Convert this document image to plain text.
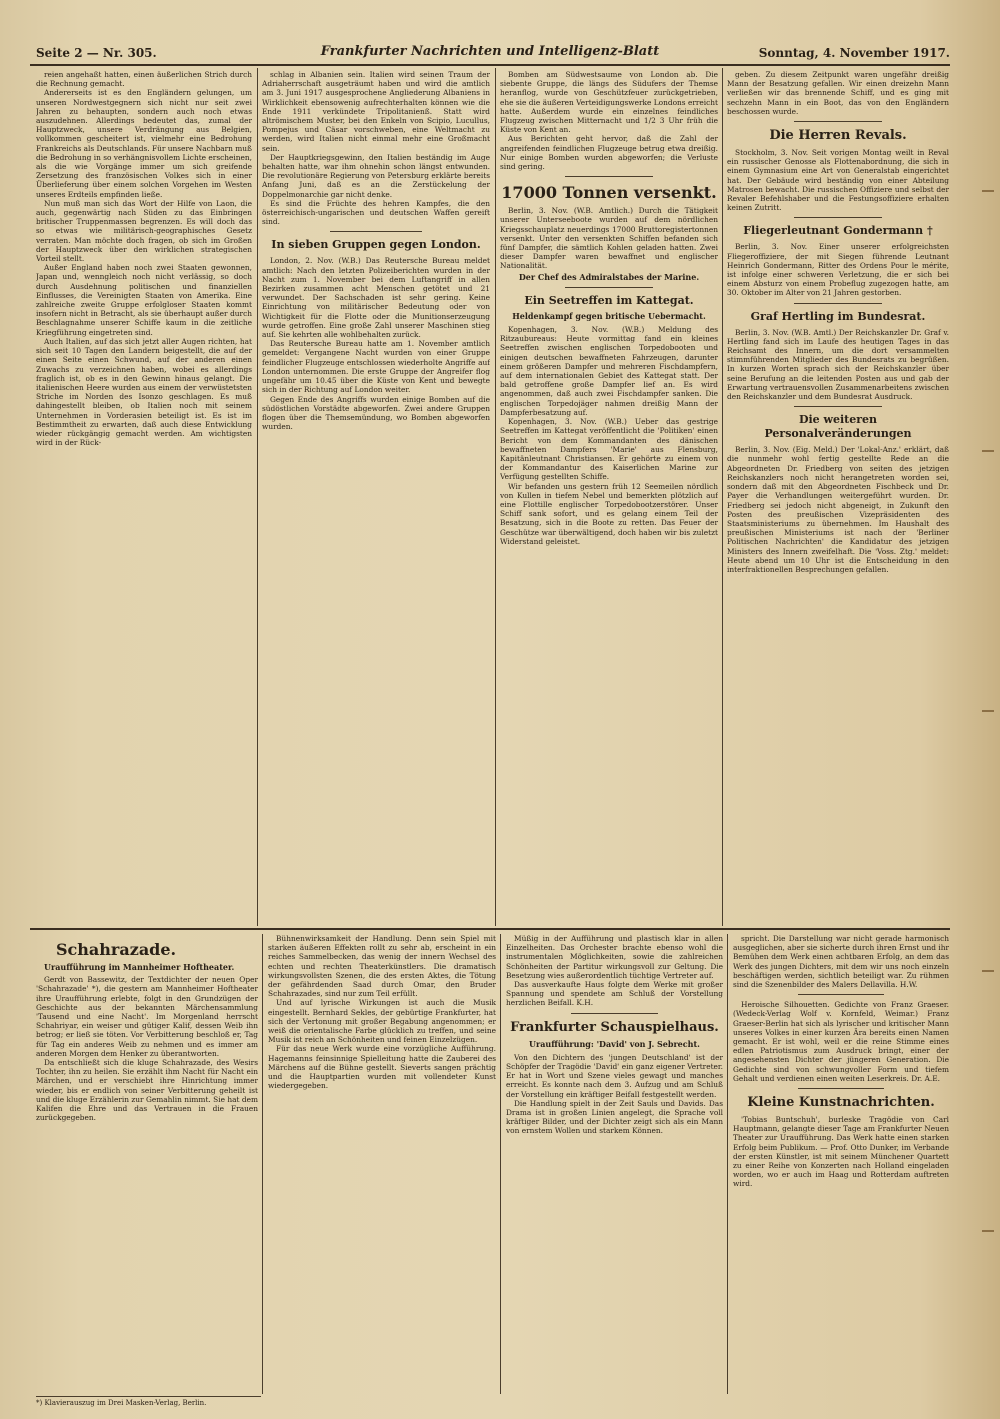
Seite 2 — Nr. 305.	Frankfurter Nachrichten und Intelligenz-Blatt	Sonntag, 4. November 1917.

reien angehaßt hatten, einen äußerlichen Strich durch die Rechnung gemacht.

Andererseits ist es den Engländern gelungen, um unseren Nordwestgegnern sich nicht nur seit zwei Jahren zu behaupten, sondern auch noch etwas auszudehnen. Allerdings bedeutet das, zumal der Hauptzweck, unsere Verdrängung aus Belgien, vollkommen gescheitert ist, vielmehr eine Bedrohung Frankreichs als Deutschlands. Für unsere Nachbarn muß die Bedrohung in so verhängnisvollem Lichte erscheinen, als die wie Vorgänge immer um sich greifende Zersetzung des französischen Volkes sich in einer Überlieferung über einem solchen Vorgehen im Westen unseres Erdteils empfinden ließe.

Nun muß man sich das Wort der Hilfe von Laon, die auch, gegenwärtig nach Süden zu das Einbringen britischer Truppenmassen begrenzen. Es will doch das so etwas wie militärisch-geographisches Gesetz verraten. Man möchte doch fragen, ob sich im Großen der Hauptzweck über den wirklichen strategischen Vorteil stellt.

Außer England haben noch zwei Staaten gewonnen, Japan und, wenngleich noch nicht verlässig, so doch durch Ausdehnung politischen und finanziellen Einflusses, die Vereinigten Staaten von Amerika. Eine zahlreiche zweite Gruppe erfolgloser Staaten kommt insofern nicht in Betracht, als sie überhaupt außer durch Beschlagnahme unserer Schiffe kaum in die zeitliche Kriegführung eingetreten sind.

Auch Italien, auf das sich jetzt aller Augen richten, hat sich seit 10 Tagen den Landern beigestellt, die auf der einen Seite einen Schwund, auf der anderen einen Zuwachs zu verzeichnen haben, wobei es allerdings fraglich ist, ob es in den Gewinn hinaus gelangt. Die italienischen Heere wurden aus einem der verwüstetsten Striche im Norden des Isonzo geschlagen. Es muß dahingestellt bleiben, ob Italien noch mit seinem Unternehmen in Vorderasien beteiligt ist. Es ist im Bestimmtheit zu erwarten, daß auch diese Entwicklung wieder rückgängig gemacht werden. Am wichtigsten wird in der Rück-

schlag in Albanien sein. Italien wird seinen Traum der Adriaherrschaft ausgeträumt haben und wird die amtlich am 3. Juni 1917 ausgesprochene Angliederung Albaniens in Wirklichkeit ebensowenig aufrechterhalten können wie die Ende 1911 verkündete Tripolitanienß. Statt wird altrömischem Muster, bei den Enkeln von Scipio, Lucullus, Pompejus und Cäsar vorschweben, eine Weltmacht zu werden, wird Italien nicht einmal mehr eine Großmacht sein.

Der Hauptkriegsgewinn, den Italien beständig im Auge behalten hatte, war ihm ohnehin schon längst entwunden. Die revolutionäre Regierung von Petersburg erklärte bereits Anfang Juni, daß es an die Zerstückelung der Doppelmonarchie gar nicht denke.

Es sind die Früchte des hehren Kampfes, die den österreichisch-ungarischen und deutschen Waffen gereift sind.

In sieben Gruppen gegen London.

London, 2. Nov. (W.B.) Das Reutersche Bureau meldet amtlich: Nach den letzten Polizeiberichten wurden in der Nacht zum 1. November bei dem Luftangriff in allen Bezirken zusammen acht Menschen getötet und 21 verwundet. Der Sachschaden ist sehr gering. Keine Einrichtung von militärischer Bedeutung oder von Wichtigkeit für die Flotte oder die Munitionserzeugung wurde getroffen. Eine große Zahl unserer Maschinen stieg auf. Sie kehrten alle wohlbehalten zurück.

Das Reutersche Bureau hatte am 1. November amtlich gemeldet: Vergangene Nacht wurden von einer Gruppe feindlicher Flugzeuge entschlossen wiederholte Angriffe auf London unternommen. Die erste Gruppe der Angreifer flog ungefähr um 10.45 über die Küste von Kent und bewegte sich in der Richtung auf London weiter.

Gegen Ende des Angriffs wurden einige Bomben auf die südöstlichen Vorstädte abgeworfen. Zwei andere Gruppen flogen über die Themsemündung, wo Bomben abgeworfen wurden.

Bomben am Südwestsaume von London ab. Die siebente Gruppe, die längs des Südufers der Themse heranflog, wurde von Geschützfeuer zurückgetrieben, ehe sie die äußeren Verteidigungswerke Londons erreicht hatte. Außerdem wurde ein einzelnes feindliches Flugzeug zwischen Mitternacht und 1/2 3 Uhr früh die Küste von Kent an.

Aus Berichten geht hervor, daß die Zahl der angreifenden feindlichen Flugzeuge betrug etwa dreißig. Nur einige Bomben wurden abgeworfen; die Verluste sind gering.

17000 Tonnen versenkt.

Berlin, 3. Nov. (W.B. Amtlich.) Durch die Tätigkeit unserer Unterseeboote wurden auf dem nördlichen Kriegsschauplatz neuerdings 17000 Bruttoregistertonnen versenkt. Unter den versenkten Schiffen befanden sich fünf Dampfer, die sämtlich Kohlen geladen hatten. Zwei dieser Dampfer waren bewaffnet und englischer Nationalität.

Der Chef des Admiralstabes der Marine.
Ein Seetreffen im Kattegat.
Heldenkampf gegen britische Uebermacht.

Kopenhagen, 3. Nov. (W.B.) Meldung des Ritzaubureaus: Heute vormittag fand ein kleines Seetreffen zwischen englischen Torpedobooten und einigen deutschen bewaffneten Fahrzeugen, darunter einem größeren Dampfer und mehreren Fischdampfern, auf dem internationalen Gebiet des Kattegat statt. Der bald getroffene große Dampfer lief an. Es wird angenommen, daß auch zwei Fischdampfer sanken. Die englischen Torpedojäger nahmen dreißig Mann der Dampferbesatzung auf.

Kopenhagen, 3. Nov. (W.B.) Ueber das gestrige Seetreffen im Kattegat veröffentlicht die 'Politiken' einen Bericht von dem Kommandanten des dänischen bewaffneten Dampfers 'Marie' aus Flensburg, Kapitänleutnant Christiansen. Er gehörte zu einem von der Kommandantur des Kaiserlichen Marine zur Verfügung gestellten Schiffe.

Wir befanden uns gestern früh 12 Seemeilen nördlich von Kullen in tiefem Nebel und bemerkten plötzlich auf eine Flottille englischer Torpedobootzerstörer. Unser Schiff sank sofort, und es gelang einem Teil der Besatzung, sich in die Boote zu retten. Das Feuer der Geschütze war überwältigend, doch haben wir bis zuletzt Widerstand geleistet.

geben. Zu diesem Zeitpunkt waren ungefähr dreißig Mann der Besatzung gefallen. Wir einen dreizehn Mann verließen wir das brennende Schiff, und es ging mit sechzehn Mann in ein Boot, das von den Engländern beschossen wurde.

Die Herren Revals.

Stockholm, 3. Nov. Seit vorigen Montag weilt in Reval ein russischer Genosse als Flottenabordnung, die sich in einem Gymnasium eine Art von Generalstab eingerichtet hat. Der Gebäude wird beständig von einer Abteilung Matrosen bewacht. Die russischen Offiziere und selbst der Revaler Befehlshaber und die Festungsoffiziere erhalten keinen Zutritt.

Fliegerleutnant Gondermann †

Berlin, 3. Nov. Einer unserer erfolgreichsten Fliegeroffiziere, der mit Siegen führende Leutnant Heinrich Gondermann, Ritter des Ordens Pour le mérite, ist infolge einer schweren Verletzung, die er sich bei einem Absturz von einem Probeflug zugezogen hatte, am 30. Oktober im Alter von 21 Jahren gestorben.

Graf Hertling im Bundesrat.

Berlin, 3. Nov. (W.B. Amtl.) Der Reichskanzler Dr. Graf v. Hertling fand sich im Laufe des heutigen Tages in das Reichsamt des Innern, um die dort versammelten stimmführenden Mitglieder des Bundesrats zu begrüßen. In kurzen Worten sprach sich der Reichskanzler über seine Berufung an die leitenden Posten aus und gab der Erwartung vertrauensvollen Zusammenarbeitens zwischen den Reichskanzler und dem Bundesrat Ausdruck.

Die weiteren Personalveränderungen

Berlin, 3. Nov. (Eig. Meld.) Der 'Lokal-Anz.' erklärt, daß die nunmehr wohl fertig gestellte Rede an die Abgeordneten Dr. Friedberg von seiten des jetzigen Reichskanzlers noch nicht herangetreten worden sei, sondern daß mit den Abgeordneten Fischbeck und Dr. Payer die Verhandlungen weitergeführt wurden. Dr. Friedberg sei jedoch nicht abgeneigt, in Zukunft den Posten des preußischen Vizepräsidenten des Staatsministeriums zu übernehmen. Im Haushalt des preußischen Ministeriums ist nach der 'Berliner Politischen Nachrichten' die Kandidatur des jetzigen Ministers des Innern zweifelhaft. Die 'Voss. Ztg.' meldet: Heute abend um 10 Uhr ist die Entscheidung in den interfraktionellen Besprechungen gefallen.

Schahrazade.
Uraufführung im Mannheimer Hoftheater.

Gerdt von Bassewitz, der Textdichter der neuen Oper 'Schahrazade' *), die gestern am Mannheimer Hoftheater ihre Uraufführung erlebte, folgt in den Grundzügen der Geschichte aus der bekannten Märchensammlung 'Tausend und eine Nacht'. Im Morgenland herrscht Schahriyar, ein weiser und gütiger Kalif, dessen Weib ihn betrog; er ließ sie töten. Vor Verbitterung beschloß er, Tag für Tag ein anderes Weib zu nehmen und es immer am anderen Morgen dem Henker zu überantworten.

Da entschließt sich die kluge Schahrazade, des Wesirs Tochter, ihn zu heilen. Sie erzählt ihm Nacht für Nacht ein Märchen, und er verschiebt ihre Hinrichtung immer wieder, bis er endlich von seiner Verbitterung geheilt ist und die kluge Erzählerin zur Gemahlin nimmt. Sie hat dem Kalifen die Ehre und das Vertrauen in die Frauen zurückgegeben.

Bühnenwirksamkeit der Handlung. Denn sein Spiel mit starken äußeren Effekten rollt zu sehr ab, erscheint in ein reiches Sammelbecken, das wenig der innern Wechsel des echten und rechten Theaterkünstlers. Die dramatisch wirkungsvollsten Szenen, die des ersten Aktes, die Tötung der gefährdenden Saad durch Omar, den Bruder Schahrazades, sind nur zum Teil erfüllt.

Und auf lyrische Wirkungen ist auch die Musik eingestellt. Bernhard Sekles, der gebürtige Frankfurter, hat sich der Vertonung mit großer Begabung angenommen; er weiß die orientalische Farbe glücklich zu treffen, und seine Musik ist reich an Schönheiten und feinen Einzelzügen.

Für das neue Werk wurde eine vorzügliche Aufführung. Hagemanns feinsinnige Spielleitung hatte die Zauberei des Märchens auf die Bühne gestellt. Sieverts sangen prächtig und die Hauptpartien wurden mit vollendeter Kunst wiedergegeben.

Müßig in der Aufführung und plastisch klar in allen Einzelheiten. Das Orchester brachte ebenso wohl die instrumentalen Möglichkeiten, sowie die zahlreichen Schönheiten der Partitur wirkungsvoll zur Geltung. Die Besetzung wies außerordentlich tüchtige Vertreter auf.

Das ausverkaufte Haus folgte dem Werke mit großer Spannung und spendete am Schluß der Vorstellung herzlichen Beifall. K.H.

Frankfurter Schauspielhaus.
Uraufführung: 'David' von J. Sebrecht.

Von den Dichtern des 'jungen Deutschland' ist der Schöpfer der Tragödie 'David' ein ganz eigener Vertreter. Er hat in Wort und Szene vieles gewagt und manches erreicht. Es konnte nach dem 3. Aufzug und am Schluß der Vorstellung ein kräftiger Beifall festgestellt werden.

Die Handlung spielt in der Zeit Sauls und Davids. Das Drama ist in großen Linien angelegt, die Sprache voll kräftiger Bilder, und der Dichter zeigt sich als ein Mann von ernstem Wollen und starkem Können.

spricht. Die Darstellung war nicht gerade harmonisch ausgeglichen, aber sie sicherte durch ihren Ernst und ihr Bemühen dem Werk einen achtbaren Erfolg, an dem das Werk des jungen Dichters, mit dem wir uns noch einzeln beschäftigen werden, sichtlich beteiligt war. Zu rühmen sind die Szenenbilder des Malers Dellavilla. H.W.

Heroische Silhouetten. Gedichte von Franz Graeser. (Wedeck-Verlag Wolf v. Kornfeld, Weimar.) Franz Graeser-Berlin hat sich als lyrischer und kritischer Mann unseres Volkes in einer kurzen Ära bereits einen Namen gemacht. Er ist wohl, weil er die reine Stimme eines edlen Patriotismus zum Ausdruck bringt, einer der angesehensten Dichter der jüngeren Generation. Die Gedichte sind von schwungvoller Form und tiefem Gehalt und verdienen einen weiten Leserkreis. Dr. A.E.

Kleine Kunstnachrichten.

'Tobias Buntschuh', burleske Tragödie von Carl Hauptmann, gelangte dieser Tage am Frankfurter Neuen Theater zur Uraufführung. Das Werk hatte einen starken Erfolg beim Publikum. — Prof. Otto Dunker, im Verbande der ersten Künstler, ist mit seinem Münchener Quartett zu einer Reihe von Konzerten nach Holland eingeladen worden, wo er auch im Haag und Rotterdam auftreten wird.

*) Klavierauszug im Drei Masken-Verlag, Berlin.
